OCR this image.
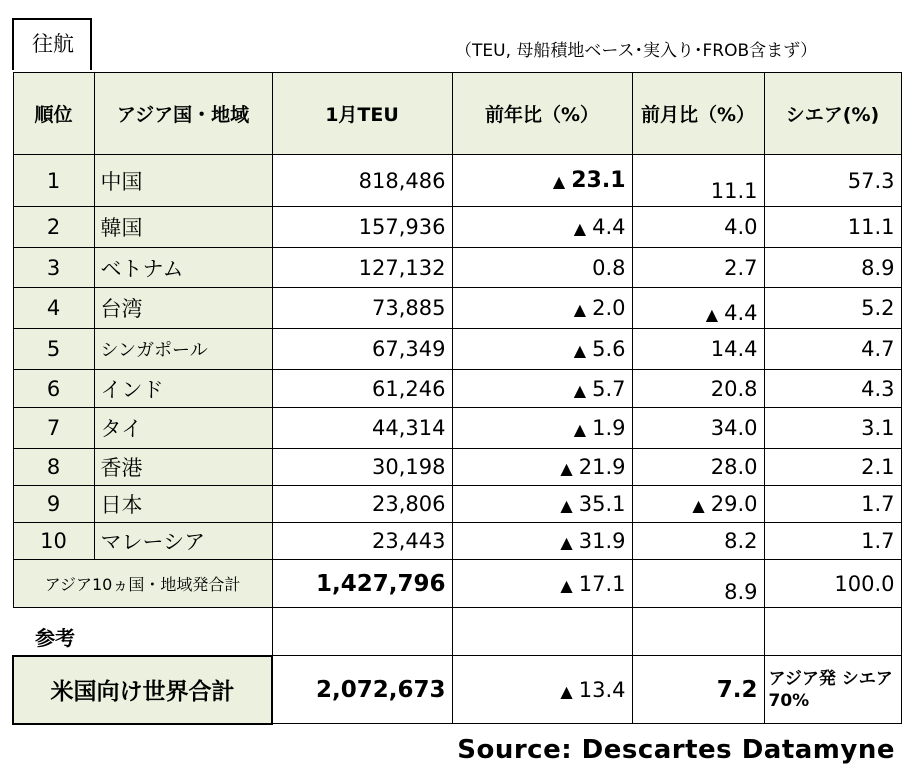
往航	（TEU, 母船積地ベース･実入り･FROB含まず）
順位	アジア国・地域	1月TEU	前年比（%）	前月比（%）	シエア(%)
1	中国	818,486	▲ 23.1	11.1	57.3
2	韓国	157,936	▲ 4.4	4.0	11.1
3	ベトナム	127,132	0.8	2.7	8.9
4	台湾	73,885	▲ 2.0	▲ 4.4	5.2
5	シンガポール	67,349	▲ 5.6	14.4	4.7
6	インド	61,246	▲ 5.7	20.8	4.3
7	タイ	44,314	▲ 1.9	34.0	3.1
8	香港	30,198	▲ 21.9	28.0	2.1
9	日本	23,806	▲ 35.1	▲ 29.0	1.7
10	マレーシア	23,443	▲ 31.9	8.2	1.7
アジア10ヵ国・地域発合計		1,427,796	▲ 17.1	8.9	100.0
参考					
米国向け世界合計		2,072,673	▲ 13.4	7.2	アジア発 シエア 70%
Source: Descartes Datamyne
